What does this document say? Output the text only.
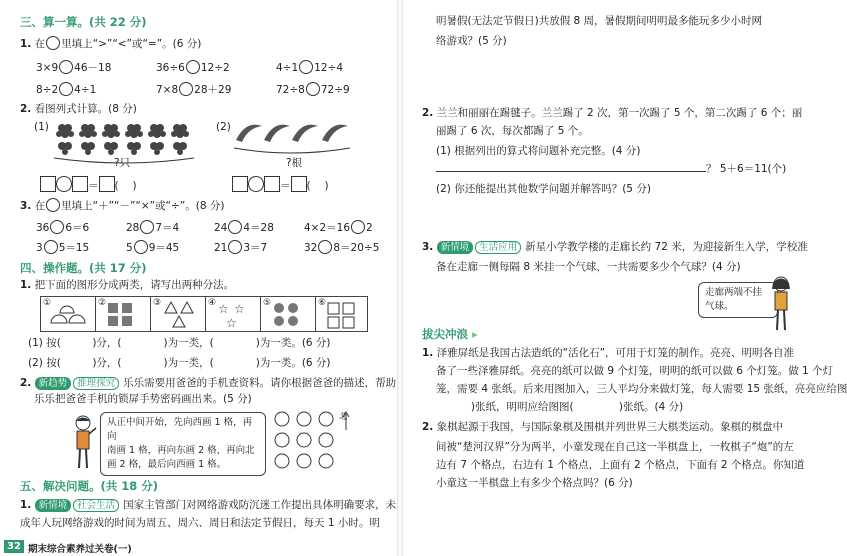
三、算一算。(共 22 分)
1. 在 里填上“>”“<”或“=”。(6 分)
3×9 46－18	36÷6 12÷2	4÷1 12÷4
8÷2 4÷1	7×8 28＋29	72÷8 72÷9
2. 看图列式计算。(8 分)
(1)
?只
＝ (　 )
(2)
?根
＝ (　 )
3. 在 里填上“＋”“－”“×”或“÷”。(8 分)
36 6＝6	28 7＝4	24 4＝28	4×2＝16 2
3 5＝15	5 9＝45	21 3＝7	32 8＝20÷5
四、操作题。(共 17 分)
1. 把下面的图形分成两类，请写出两种分法。
①	②	③	④ ☆ ☆
☆
⑤	⑥
(1) 按(　　　	)分，(　　　　	)为一类，(　　　　	)为一类。(6 分)
(2) 按(　　　	)分，(　　　　	)为一类，(　　　　	)为一类。(6 分)
2. 新趋势 推理探究 乐乐需要用爸爸的手机查资料。请你根据爸爸的描述，帮助
乐乐把爸爸手机的锁屏手势密码画出来。(5 分)
从正中间开始，先向西画 1 格，再向
南画 1 格，再向东画 2 格，再向北
画 2 格，最后向西画 1 格。
北
五、解决问题。(共 18 分)
1. 新情境 社会生活 国家主管部门对网络游戏防沉迷工作提出具体明确要求，未
成年人玩网络游戏的时间为周五、周六、周日和法定节假日，每天 1 小时。明
32 期末综合素养过关卷(一)
明暑假(无法定节假日)共放假 8 周，暑假期间明明最多能玩多少小时网
络游戏？(5 分)
2. 兰兰和丽丽在踢毽子。兰兰踢了 2 次，第一次踢了 5 个，第二次踢了 6 个；丽
丽踢了 6 次，每次都踢了 5 个。
(1) 根据列出的算式将问题补充完整。(4 分)
？ 5＋6＝11(个)
(2) 你还能提出其他数学问题并解答吗？(5 分)
3. 新情境 生活应用 新星小学教学楼的走廊长约 72 米，为迎接新生入学，学校准
备在走廊一侧每隔 8 米挂一个气球，一共需要多少个气球？(4 分)
走廊两端不挂
气球。
拔尖冲浪 ▸
1. 泽雅屏纸是我国古法造纸的“活化石”，可用于灯笼的制作。亮亮、明明各自准
备了一些泽雅屏纸。亮亮的纸可以做 9 个灯笼，明明的纸可以做 6 个灯笼。做 1 个灯
笼，需要 4 张纸。后来用图加入，三人平均分来做灯笼，每人需要 15 张纸，亮亮应给图
　　　 )张纸，明明应给图图(　　　　	)张纸。(4 分)
2. 象棋起源于我国，与国际象棋及围棋并列世界三大棋类运动。象棋的棋盘中
间被“楚河汉界”分为两半，小童发现在自己这一半棋盘上，一枚棋子“炮”的左
边有 7 个格点，右边有 1 个格点，上面有 2 个格点，下面有 2 个格点。你知道
小童这一半棋盘上有多少个格点吗？(6 分)
